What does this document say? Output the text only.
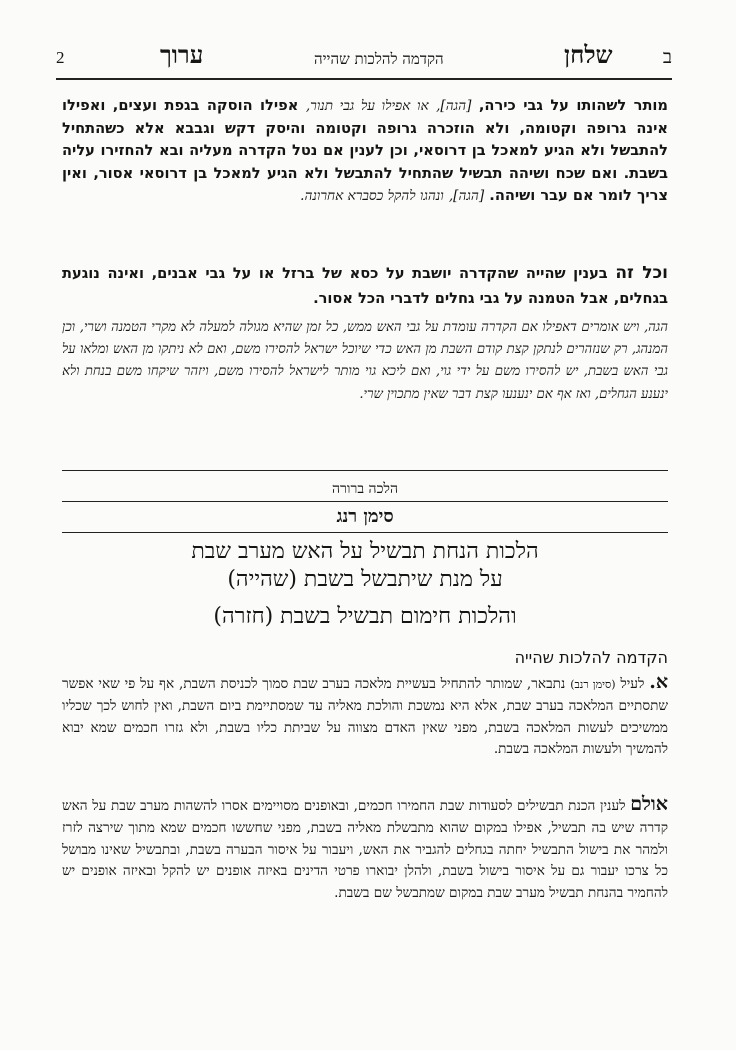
2	ערוך	הקדמה להלכות שהייה	שלחן	ב
מותר לשהותו על גבי כירה, [הגה], או אפילו על גבי תנור, אפילו הוסקה בגפת ועצים, ואפילו אינה גרופה וקטומה, ולא הוזכרה גרופה וקטומה והיסק דקש וגבבא אלא כשהתחיל להתבשל ולא הגיע למאכל בן דרוסאי, וכן לענין אם נטל הקדרה מעליה ובא להחזירו עליה בשבת. ואם שכח ושיהה תבשיל שהתחיל להתבשל ולא הגיע למאכל בן דרוסאי אסור, ואין צריך לומר אם עבר ושיהה. [הגה], ונהגו להקל כסברא אחרונה.
וכל זה בענין שהייה שהקדרה יושבת על כסא של ברזל או על גבי אבנים, ואינה נוגעת בגחלים, אבל הטמנה על גבי גחלים לדברי הכל אסור.
הגה, ויש אומרים דאפילו אם הקדרה עומדת על גבי האש ממש, כל זמן שהיא מגולה למעלה לא מקרי הטמנה ושרי, וכן המנהג, רק שנזהרים לנתקן קצת קודם השבת מן האש כדי שיוכל ישראל להסירו משם, ואם לא ניתקו מן האש ומלאו על גבי האש בשבת, יש להסירו משם על ידי גוי, ואם ליכא גוי מותר לישראל להסירו משם, ויזהר שיקחו משם בנחת ולא ינענע הגחלים, ואז אף אם ינענעו קצת דבר שאין מתכוין שרי.
הלכה ברורה
סימן רנג
הלכות הנחת תבשיל על האש מערב שבת
על מנת שיתבשל בשבת (שהייה)
והלכות חימום תבשיל בשבת (חזרה)
הקדמה להלכות שהייה
א. לעיל (סימן רנב) נתבאר, שמותר להתחיל בעשיית מלאכה בערב שבת סמוך לכניסת השבת, אף על פי שאי אפשר שתסתיים המלאכה בערב שבת, אלא היא נמשכת והולכת מאליה עד שמסתיימת ביום השבת, ואין לחוש לכך שכליו ממשיכים לעשות המלאכה בשבת, מפני שאין האדם מצווה על שביתת כליו בשבת, ולא גזרו חכמים שמא יבוא להמשיך ולעשות המלאכה בשבת.
אולם לענין הכנת תבשילים לסעודות שבת החמירו חכמים, ובאופנים מסויימים אסרו להשהות מערב שבת על האש קדרה שיש בה תבשיל, אפילו במקום שהוא מתבשלת מאליה בשבת, מפני שחששו חכמים שמא מתוך שירצה לזרז ולמהר את בישול התבשיל יחתה בגחלים להגביר את האש, ויעבור על איסור הבערה בשבת, ובתבשיל שאינו מבושל כל צרכו יעבור גם על איסור בישול בשבת, ולהלן יבוארו פרטי הדינים באיזה אופנים יש להקל ובאיזה אופנים יש להחמיר בהנחת תבשיל מערב שבת במקום שמתבשל שם בשבת.
